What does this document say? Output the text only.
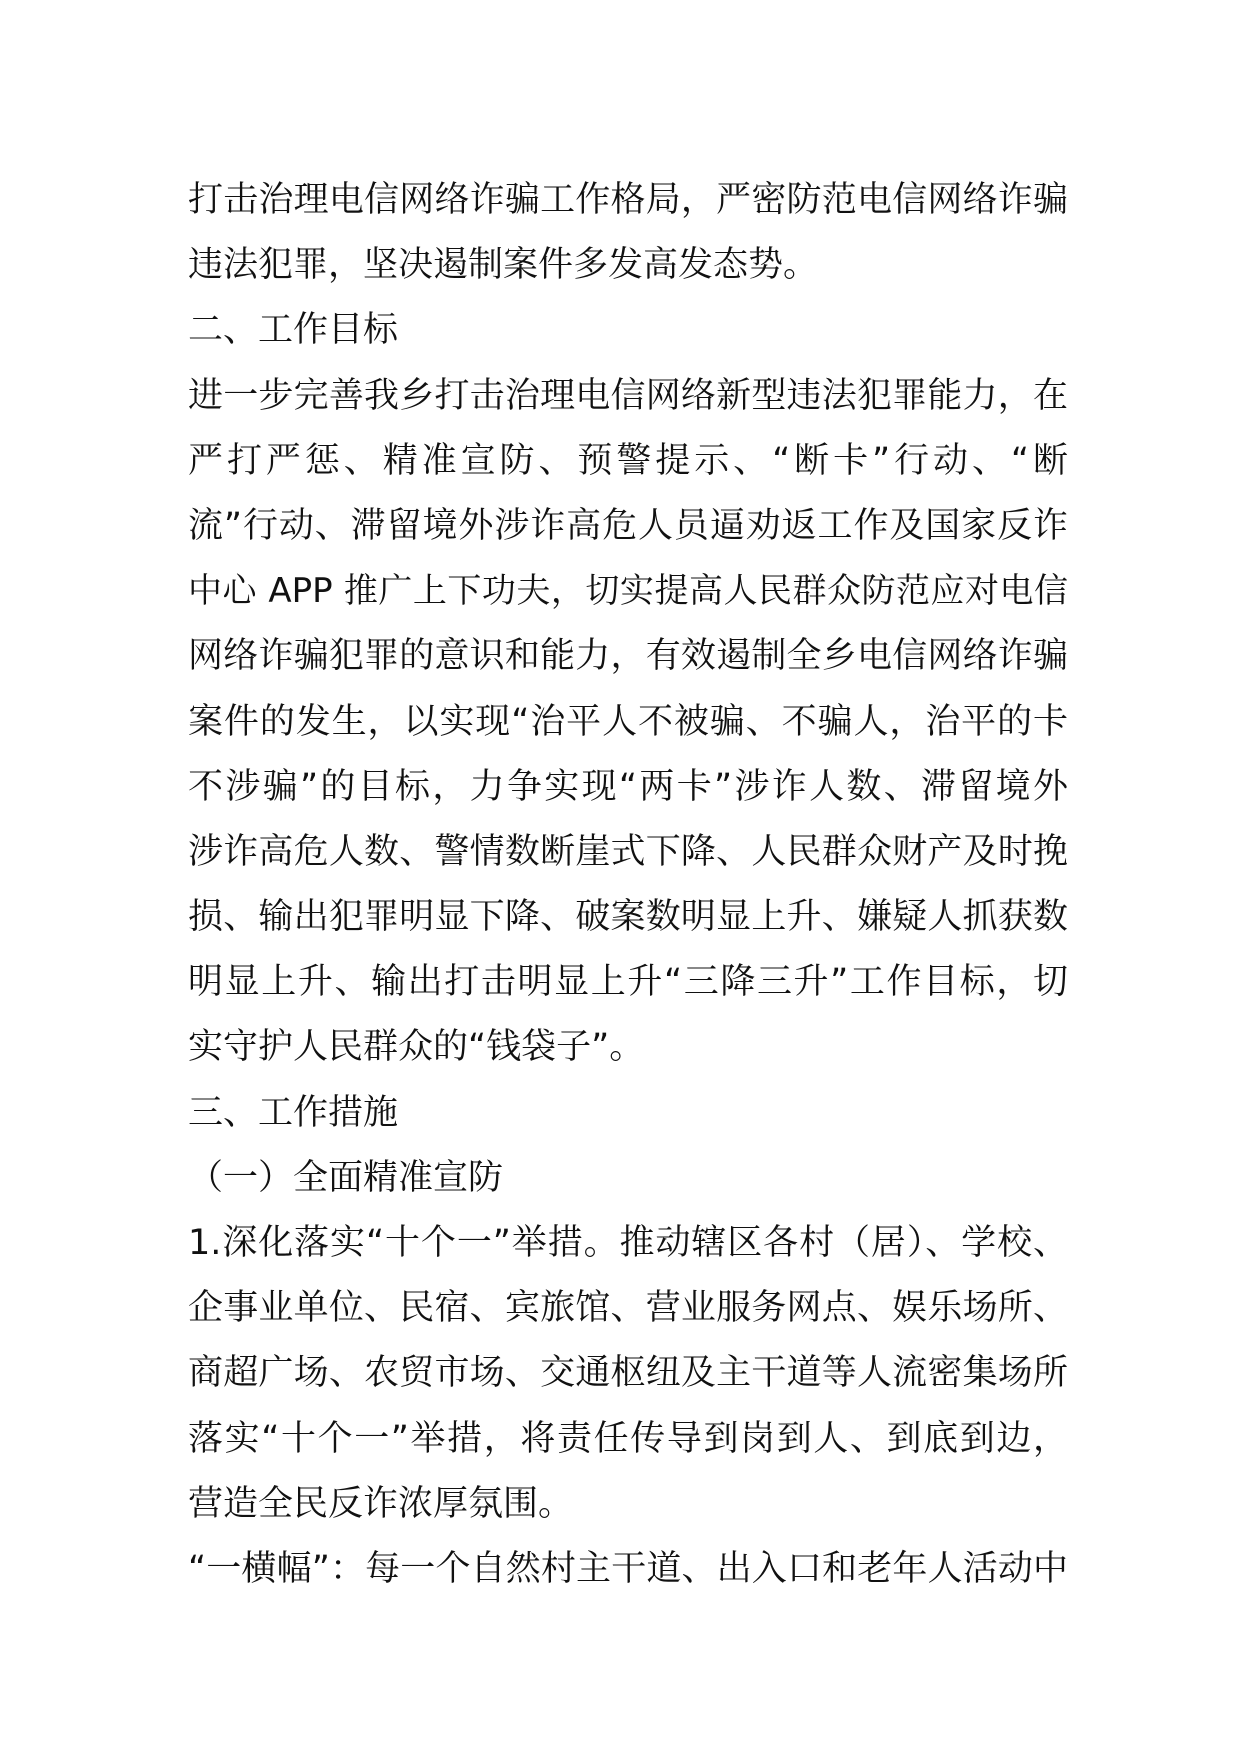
打击治理电信网络诈骗工作格局，严密防范电信网络诈骗
违法犯罪，坚决遏制案件多发高发态势。
二、工作目标
进一步完善我乡打击治理电信网络新型违法犯罪能力，在
严打严惩、精准宣防、预警提示、“断卡”行动、“断
流”行动、滞留境外涉诈高危人员逼劝返工作及国家反诈
中心 APP 推广上下功夫，切实提高人民群众防范应对电信
网络诈骗犯罪的意识和能力，有效遏制全乡电信网络诈骗
案件的发生，以实现“治平人不被骗、不骗人，治平的卡
不涉骗”的目标，力争实现“两卡”涉诈人数、滞留境外
涉诈高危人数、警情数断崖式下降、人民群众财产及时挽
损、输出犯罪明显下降、破案数明显上升、嫌疑人抓获数
明显上升、输出打击明显上升“三降三升”工作目标，切
实守护人民群众的“钱袋子”。
三、工作措施
（一）全面精准宣防
1.深化落实“十个一”举措。推动辖区各村（居）、学校、
企事业单位、民宿、宾旅馆、营业服务网点、娱乐场所、
商超广场、农贸市场、交通枢纽及主干道等人流密集场所
落实“十个一”举措，将责任传导到岗到人、到底到边，
营造全民反诈浓厚氛围。
“一横幅”：每一个自然村主干道、出入口和老年人活动中
